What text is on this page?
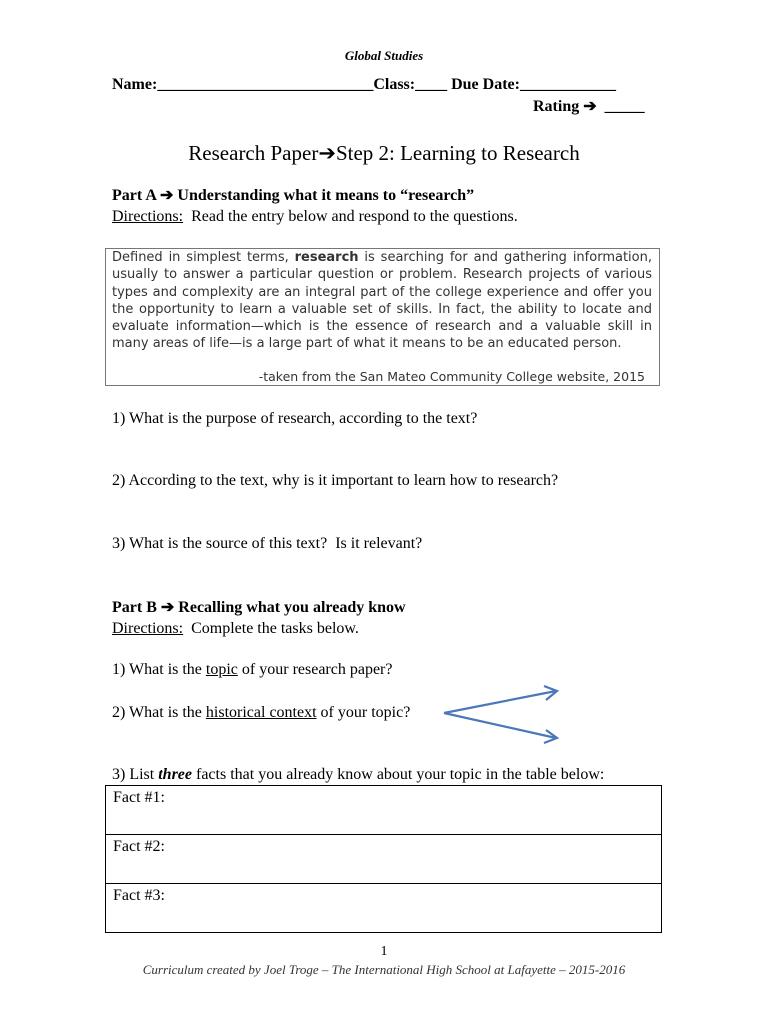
Global Studies
Name:___________________________Class:____ Due Date:____________
Rating ➔ _____
Research Paper➔Step 2: Learning to Research
Part A ➔ Understanding what it means to “research”
Directions:  Read the entry below and respond to the questions.
Defined in simplest terms, research is searching for and gathering information, usually to answer a particular question or problem. Research projects of various types and complexity are an integral part of the college experience and offer you the opportunity to learn a valuable set of skills. In fact, the ability to locate and evaluate information—which is the essence of research and a valuable skill in many areas of life—is a large part of what it means to be an educated person.
-taken from the San Mateo Community College website, 2015
1) What is the purpose of research, according to the text?
2) According to the text, why is it important to learn how to research?
3) What is the source of this text?  Is it relevant?
Part B ➔ Recalling what you already know
Directions:  Complete the tasks below.
1) What is the topic of your research paper?
2) What is the historical context of your topic?
3) List three facts that you already know about your topic in the table below:
Fact #1:
Fact #2:
Fact #3:
1
Curriculum created by Joel Troge – The International High School at Lafayette – 2015-2016
